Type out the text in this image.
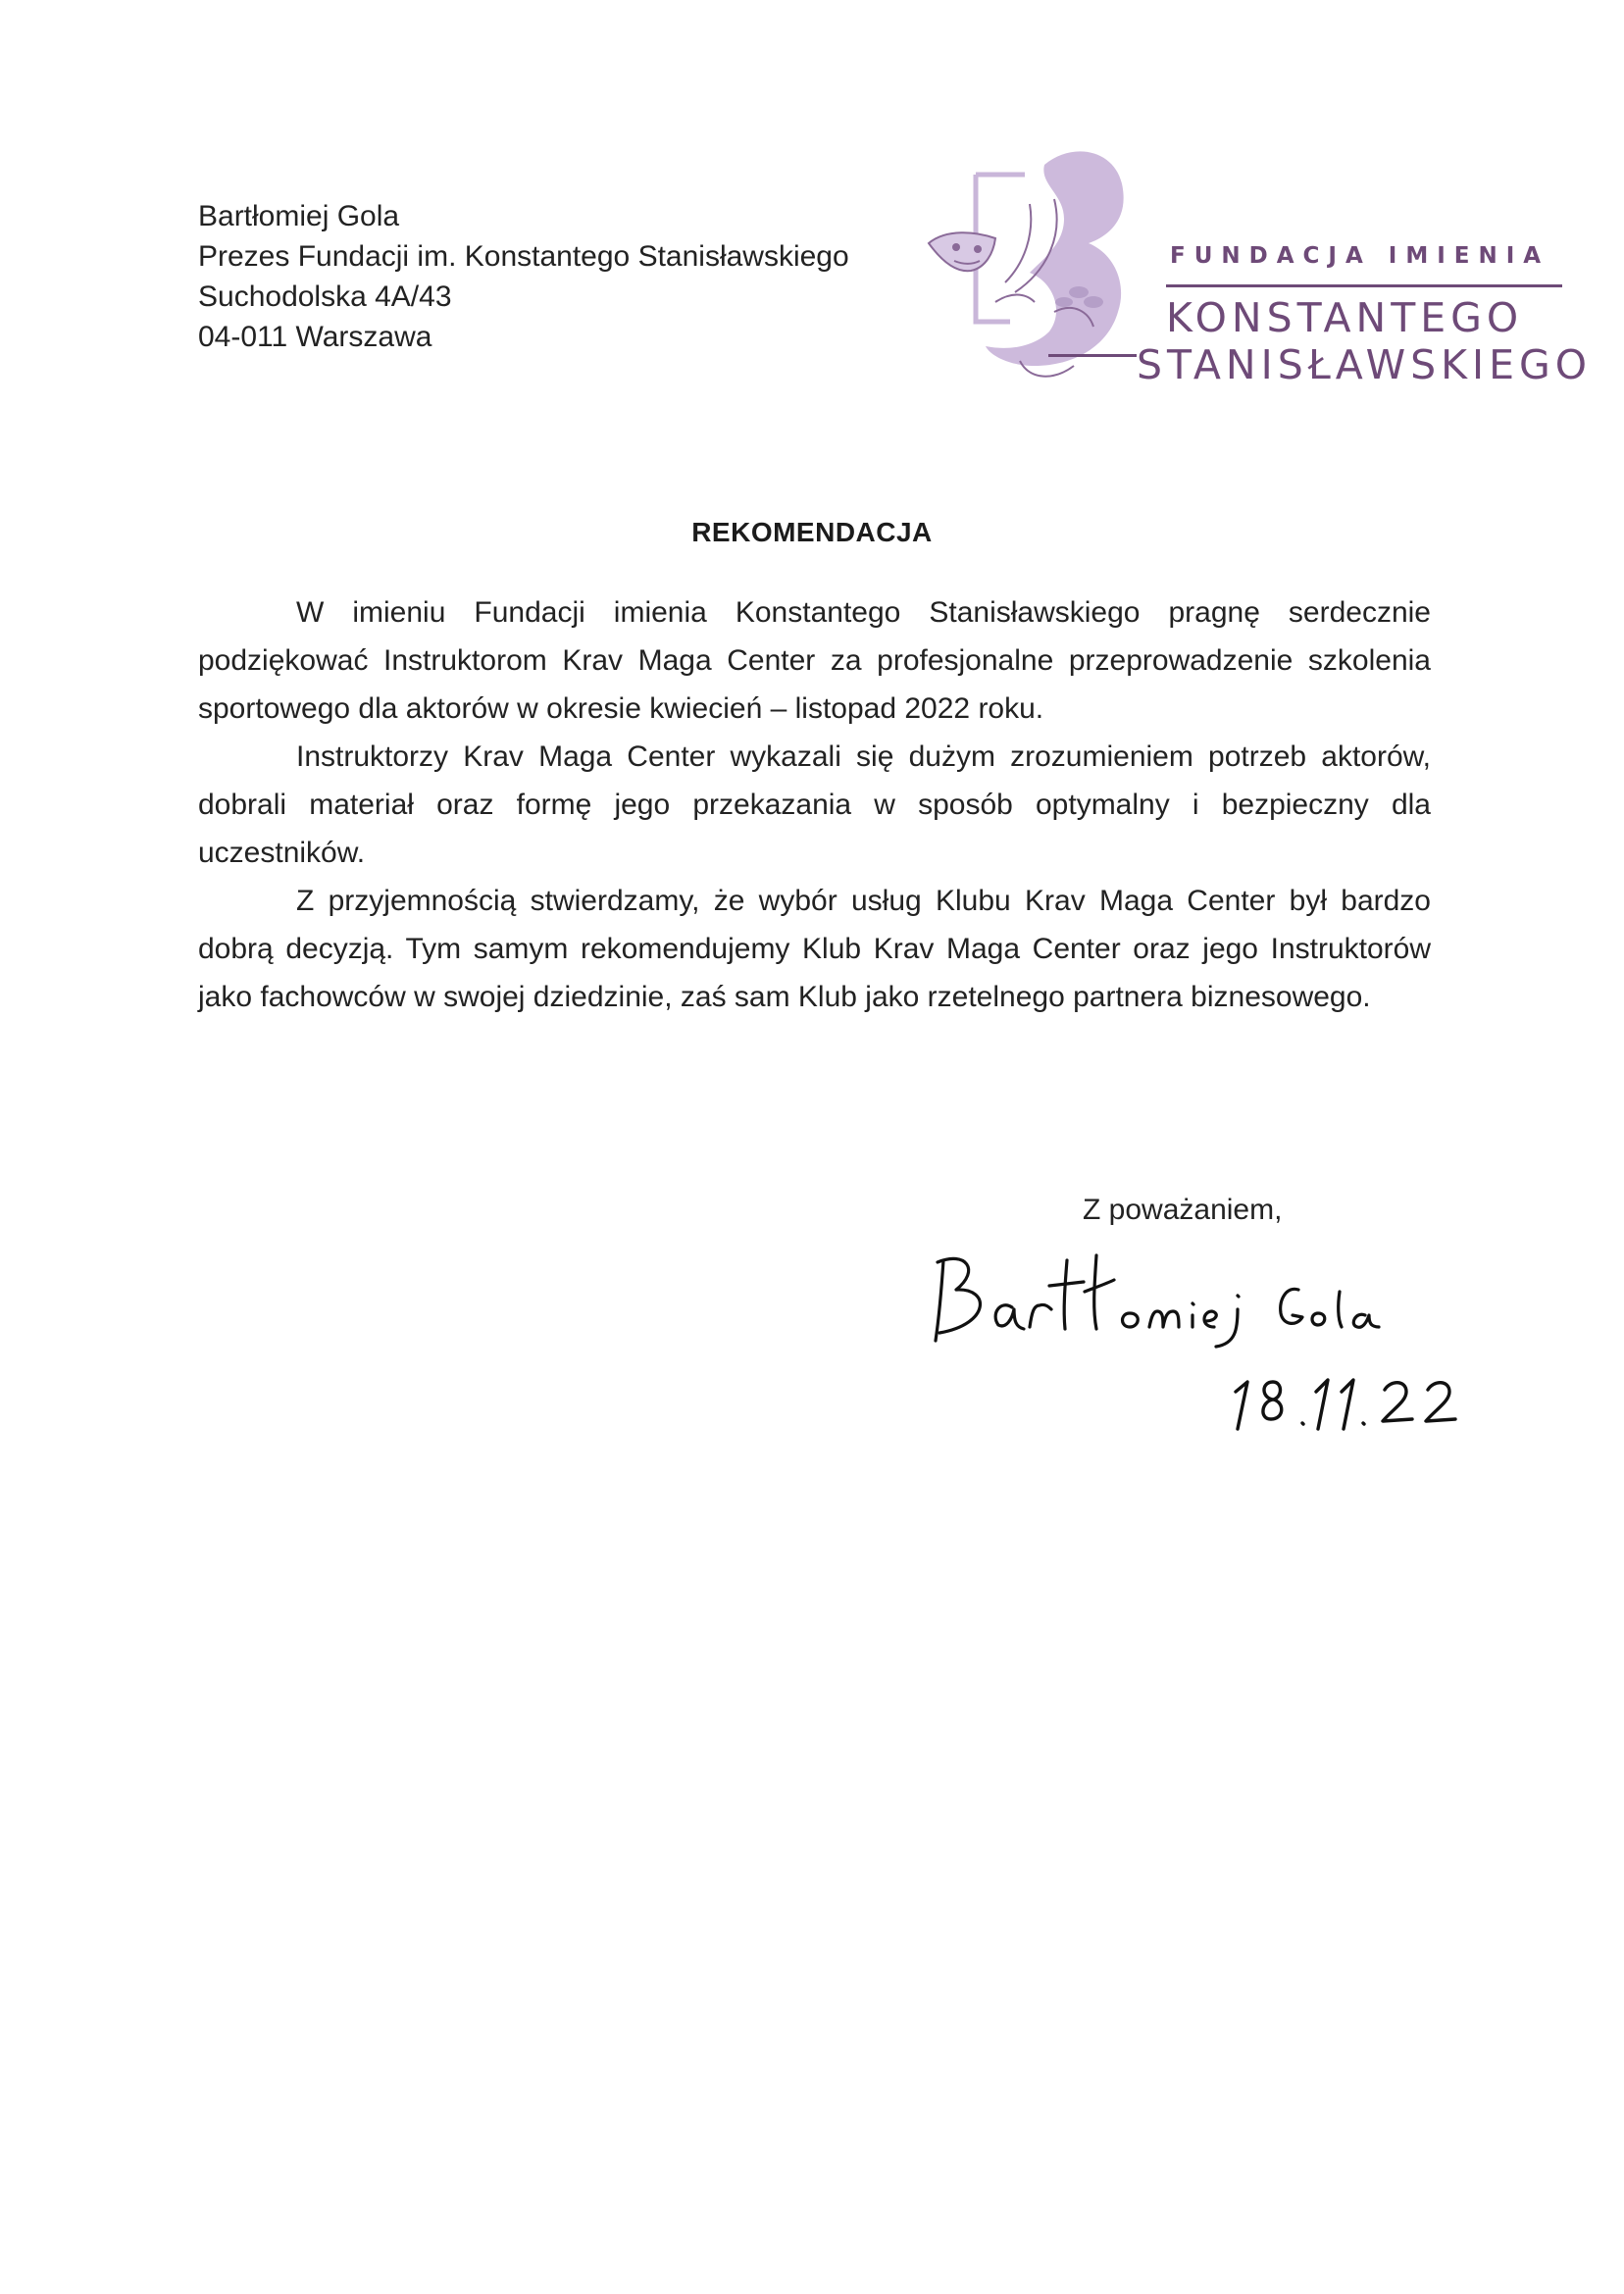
Bartłomiej Gola
Prezes Fundacji im. Konstantego Stanisławskiego
Suchodolska 4A/43
04-011 Warszawa
FUNDACJA IMIENIA
KONSTANTEGO
STANISŁAWSKIEGO
REKOMENDACJA

W imieniu Fundacji imienia Konstantego Stanisławskiego pragnę serdecznie podziękować Instruktorom Krav Maga Center za profesjonalne przeprowadzenie szkolenia sportowego dla aktorów w okresie kwiecień – listopad 2022 roku.

Instruktorzy Krav Maga Center wykazali się dużym zrozumieniem potrzeb aktorów, dobrali materiał oraz formę jego przekazania w sposób optymalny i bezpieczny dla uczestników.

Z przyjemnością stwierdzamy, że wybór usług Klubu Krav Maga Center był bardzo dobrą decyzją. Tym samym rekomendujemy Klub Krav Maga Center oraz jego Instruktorów jako fachowców w swojej dziedzinie, zaś sam Klub jako rzetelnego partnera biznesowego.

Z poważaniem,
